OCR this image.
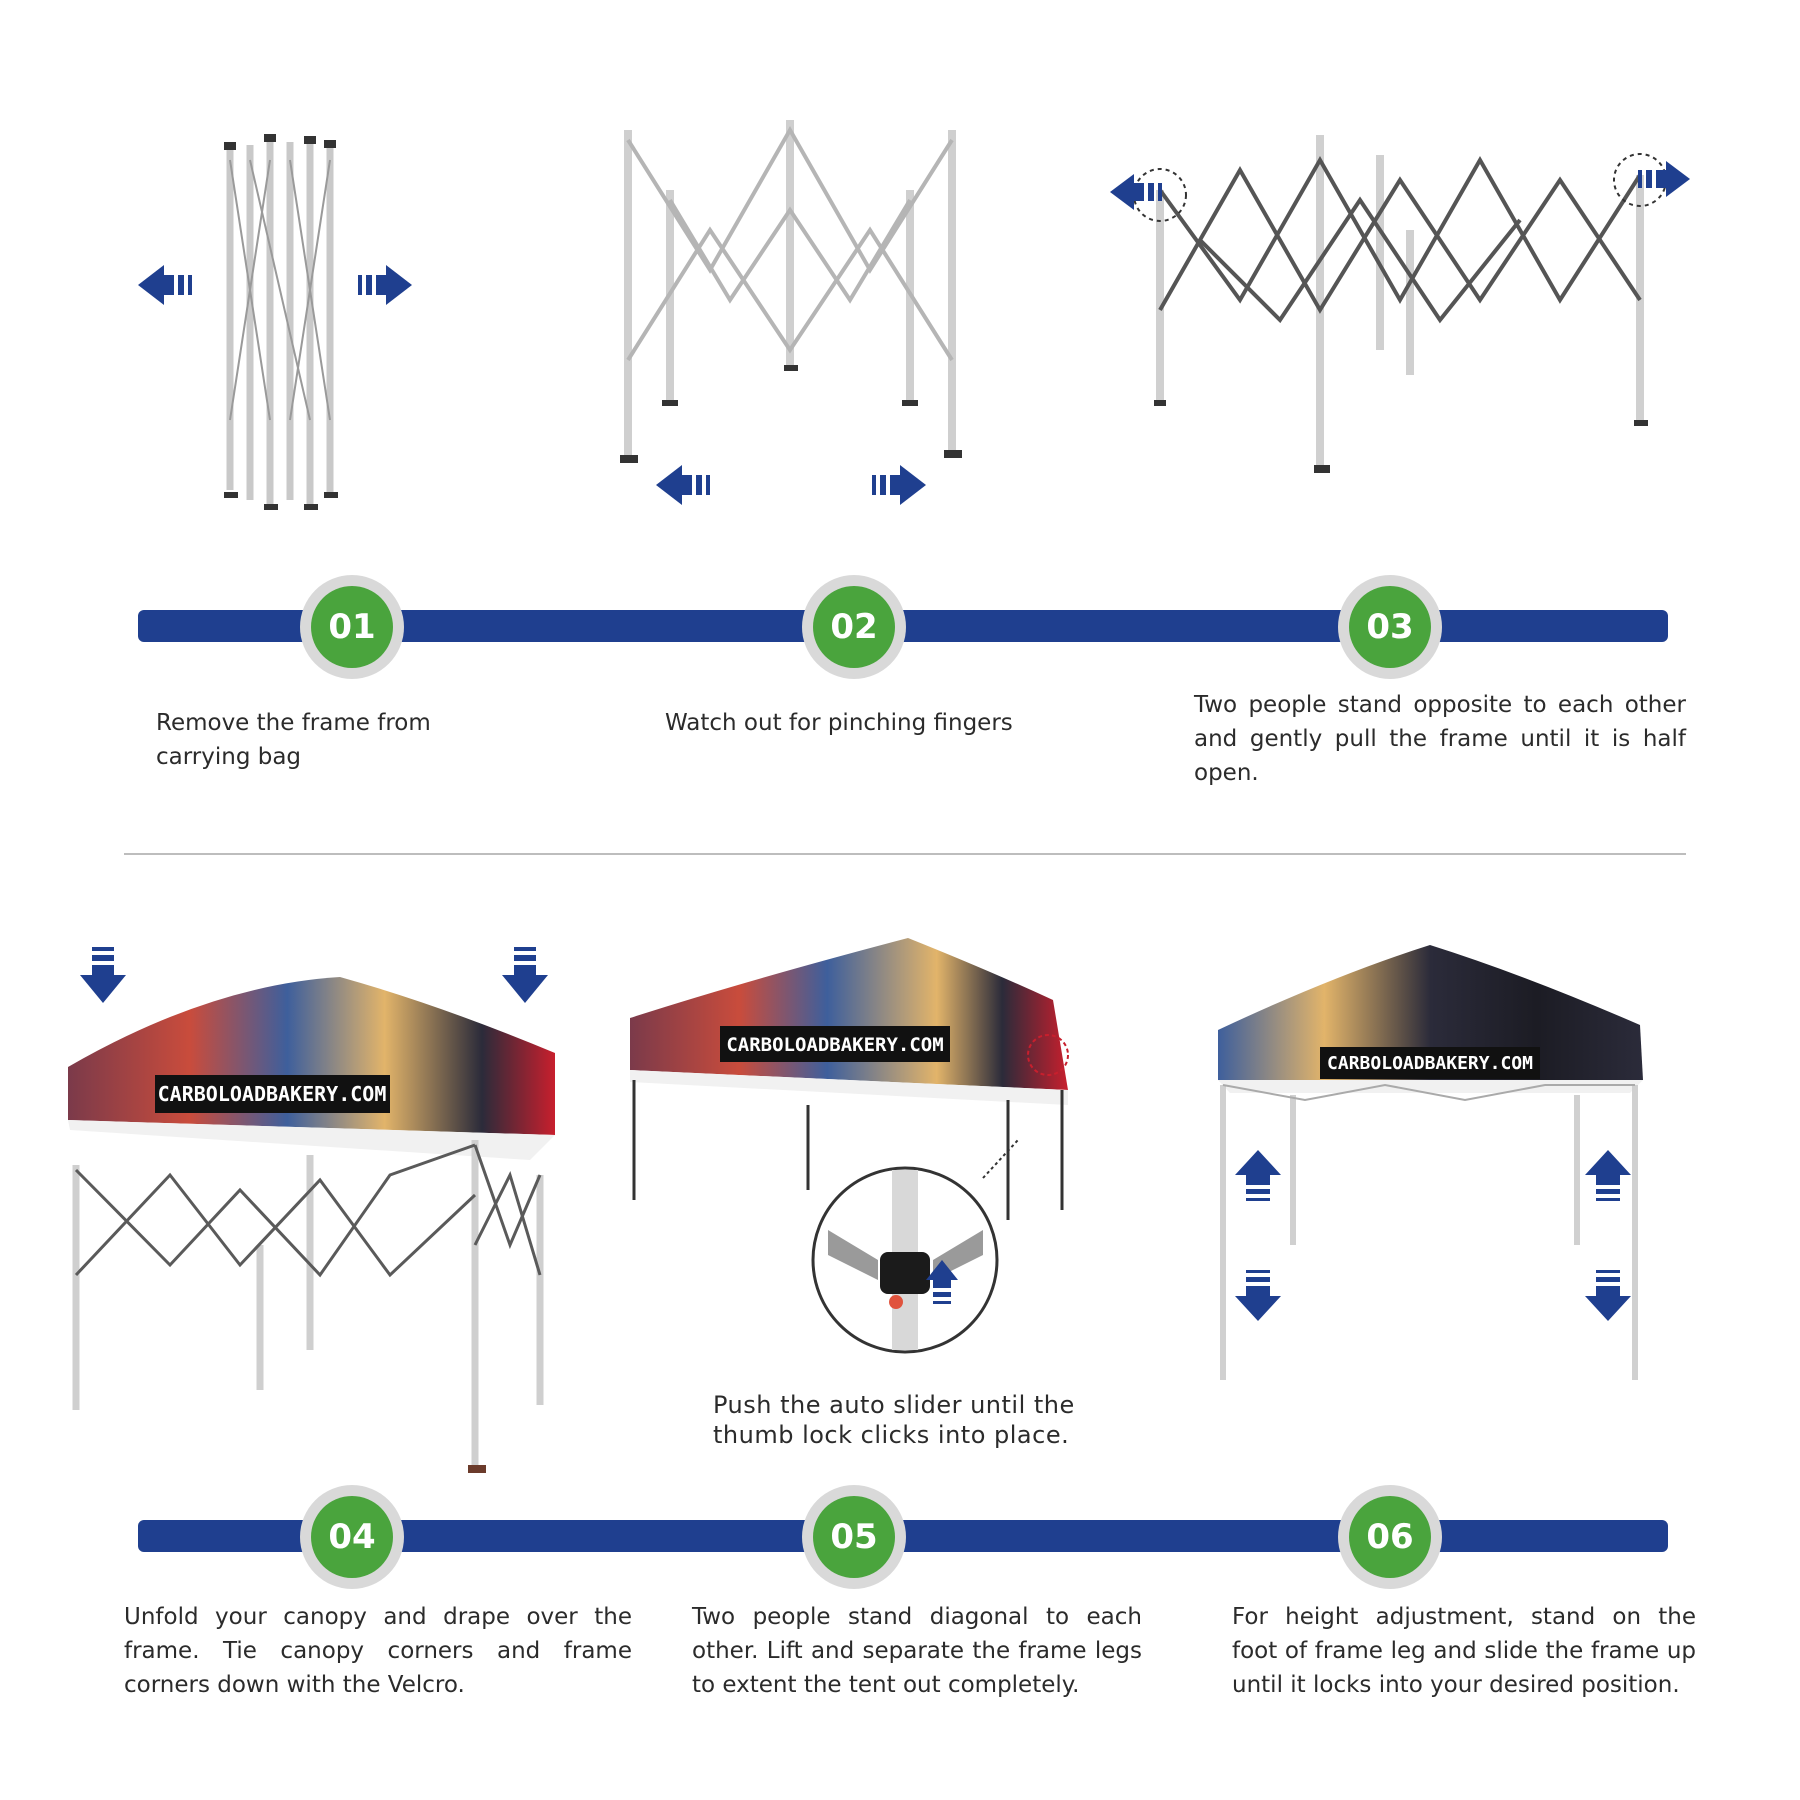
01	02	03
Remove the frame from carrying bag
Watch out for pinching fingers
Two people stand opposite to each other and gently pull the frame until it is half open.
CARBOLOADBAKERY.COM
CARBOLOADBAKERY.COM
Push the auto slider until the thumb lock clicks into place.
CARBOLOADBAKERY.COM
04	05	06
Unfold your canopy and drape over the frame. Tie canopy corners and frame corners down with the Velcro.
Two people stand diagonal to each other. Lift and separate the frame legs to extent the tent out completely.
For height adjustment, stand on the foot of frame leg and slide the frame up until it locks into your desired position.
